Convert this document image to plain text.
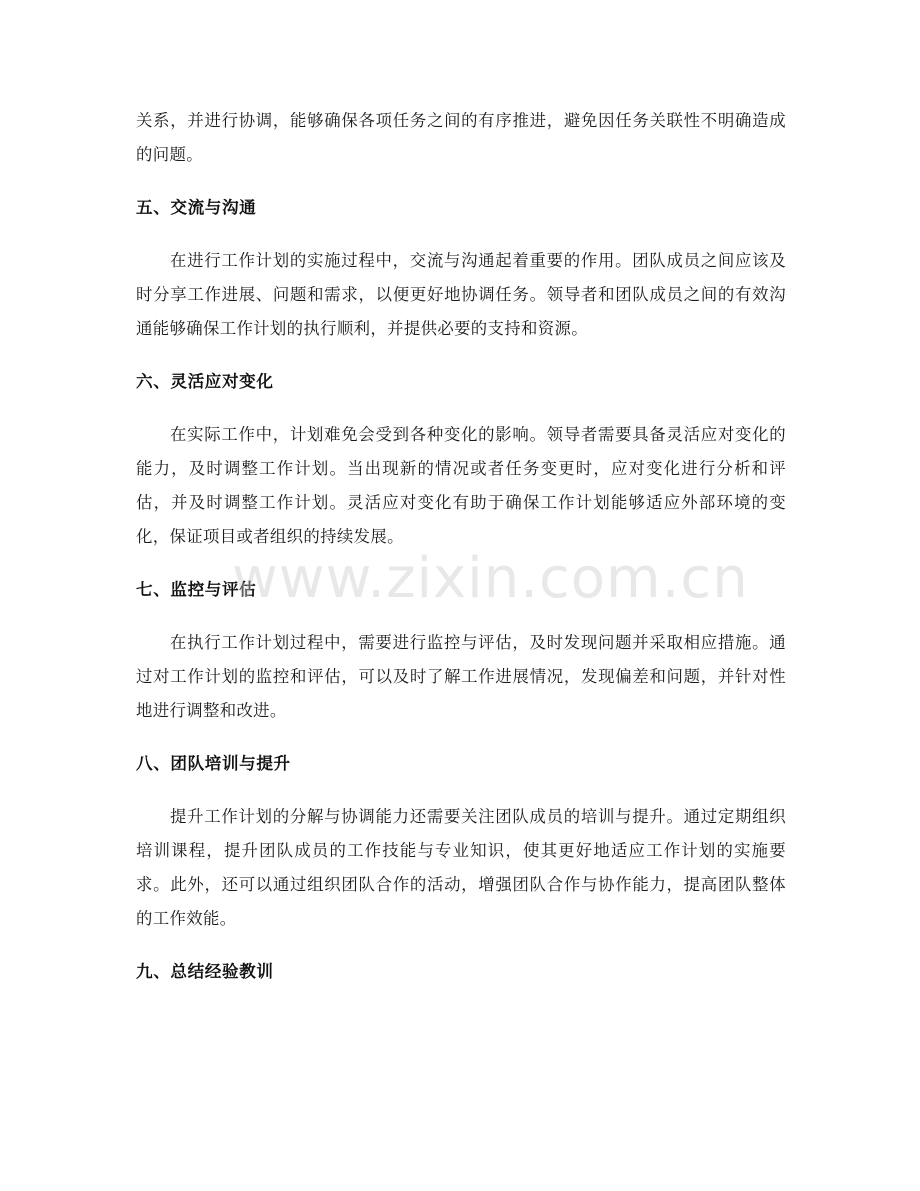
关系，并进行协调，能够确保各项任务之间的有序推进，避免因任务关联性不明确造成的问题。

五、交流与沟通

在进行工作计划的实施过程中，交流与沟通起着重要的作用。团队成员之间应该及时分享工作进展、问题和需求，以便更好地协调任务。领导者和团队成员之间的有效沟通能够确保工作计划的执行顺利，并提供必要的支持和资源。

六、灵活应对变化

在实际工作中，计划难免会受到各种变化的影响。领导者需要具备灵活应对变化的能力，及时调整工作计划。当出现新的情况或者任务变更时，应对变化进行分析和评估，并及时调整工作计划。灵活应对变化有助于确保工作计划能够适应外部环境的变化，保证项目或者组织的持续发展。

七、监控与评估

在执行工作计划过程中，需要进行监控与评估，及时发现问题并采取相应措施。通过对工作计划的监控和评估，可以及时了解工作进展情况，发现偏差和问题，并针对性地进行调整和改进。

八、团队培训与提升

提升工作计划的分解与协调能力还需要关注团队成员的培训与提升。通过定期组织培训课程，提升团队成员的工作技能与专业知识，使其更好地适应工作计划的实施要求。此外，还可以通过组织团队合作的活动，增强团队合作与协作能力，提高团队整体的工作效能。

九、总结经验教训
www.zixin.com.cn
